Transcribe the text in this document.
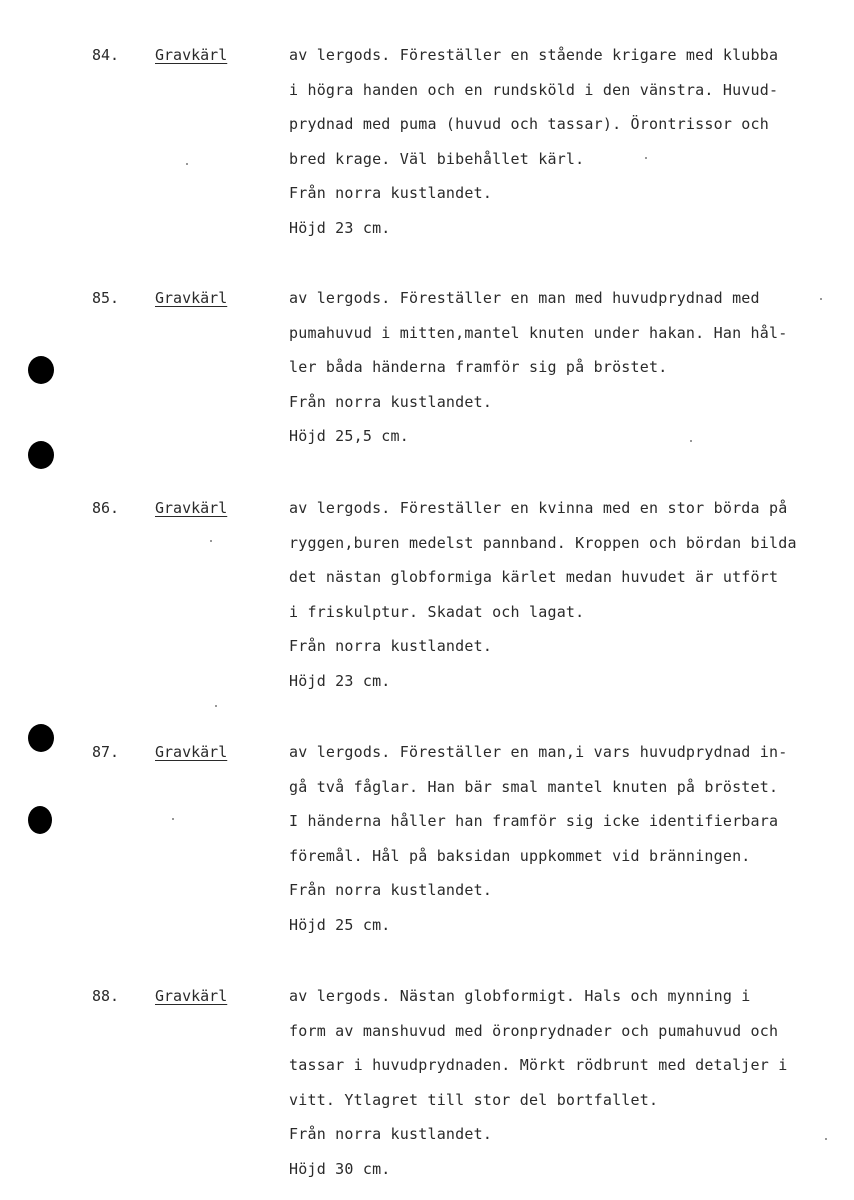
84. Gravkärl	av lergods. Föreställer en stående krigare med klubba
i högra handen och en rundsköld i den vänstra. Huvud-
prydnad med puma (huvud och tassar). Örontrissor och
bred krage. Väl bibehållet kärl.
Från norra kustlandet.
Höjd 23 cm.
85. Gravkärl	av lergods. Föreställer en man med huvudprydnad med
pumahuvud i mitten,mantel knuten under hakan. Han hål-
ler båda händerna framför sig på bröstet.
Från norra kustlandet.
Höjd 25,5 cm.
86. Gravkärl	av lergods. Föreställer en kvinna med en stor börda på
ryggen,buren medelst pannband. Kroppen och bördan bilda
det nästan globformiga kärlet medan huvudet är utfört
i friskulptur. Skadat och lagat.
Från norra kustlandet.
Höjd 23 cm.
87. Gravkärl	av lergods. Föreställer en man,i vars huvudprydnad in-
gå två fåglar. Han bär smal mantel knuten på bröstet.
I händerna håller han framför sig icke identifierbara
föremål. Hål på baksidan uppkommet vid bränningen.
Från norra kustlandet.
Höjd 25 cm.
88. Gravkärl	av lergods. Nästan globformigt. Hals och mynning i
form av manshuvud med öronprydnader och pumahuvud och
tassar i huvudprydnaden. Mörkt rödbrunt med detaljer i
vitt. Ytlagret till stor del bortfallet.
Från norra kustlandet.
Höjd 30 cm.
